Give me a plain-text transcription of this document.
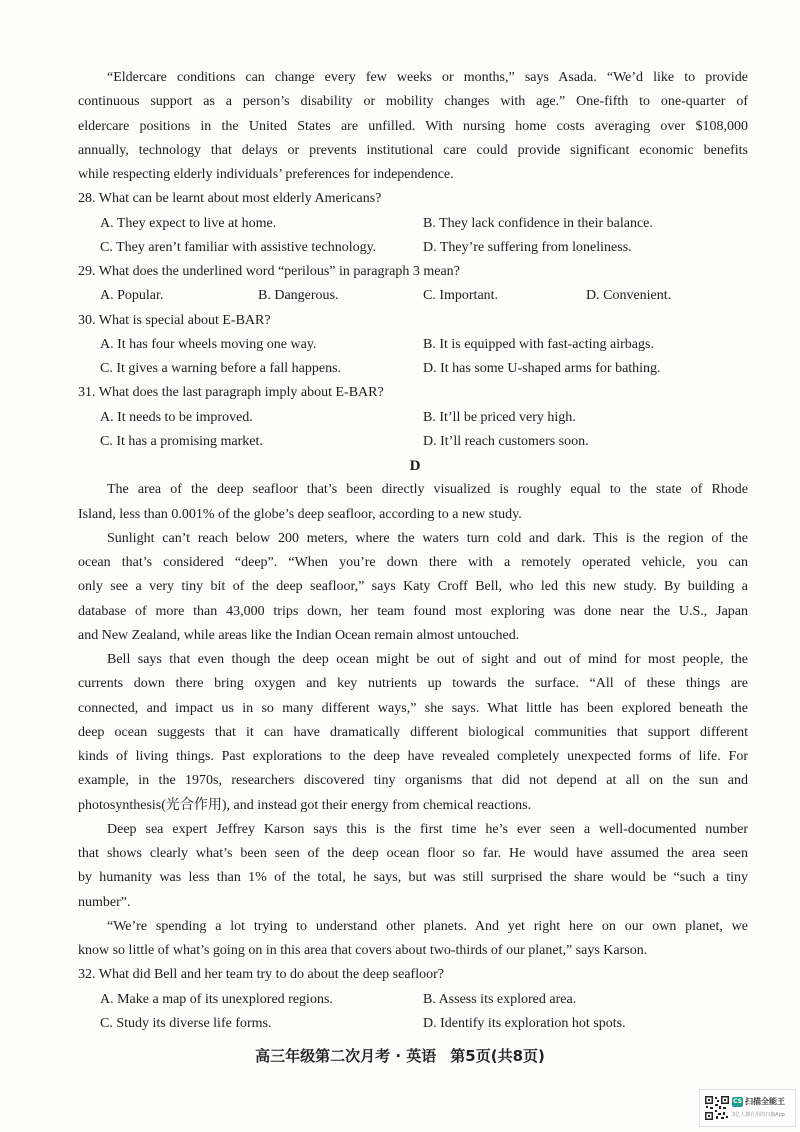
“Eldercare conditions can change every few weeks or months,” says Asada. “We’d like to provide
continuous support as a person’s disability or mobility changes with age.” One-fifth to one-quarter of
eldercare positions in the United States are unfilled. With nursing home costs averaging over $108,000
annually, technology that delays or prevents institutional care could provide significant economic benefits
while respecting elderly individuals’ preferences for independence.
28. What can be learnt about most elderly Americans?
A. They expect to live at home.	B. They lack confidence in their balance.
C. They aren’t familiar with assistive technology.	D. They’re suffering from loneliness.
29. What does the underlined word “perilous” in paragraph 3 mean?
A. Popular.	B. Dangerous.	C. Important.	D. Convenient.
30. What is special about E-BAR?
A. It has four wheels moving one way.	B. It is equipped with fast-acting airbags.
C. It gives a warning before a fall happens.	D. It has some U-shaped arms for bathing.
31. What does the last paragraph imply about E-BAR?
A. It needs to be improved.	B. It’ll be priced very high.
C. It has a promising market.	D. It’ll reach customers soon.
D
The area of the deep seafloor that’s been directly visualized is roughly equal to the state of Rhode
Island, less than 0.001% of the globe’s deep seafloor, according to a new study.
Sunlight can’t reach below 200 meters, where the waters turn cold and dark. This is the region of the
ocean that’s considered “deep”. “When you’re down there with a remotely operated vehicle, you can
only see a very tiny bit of the deep seafloor,” says Katy Croff Bell, who led this new study. By building a
database of more than 43,000 trips down, her team found most exploring was done near the U.S., Japan
and New Zealand, while areas like the Indian Ocean remain almost untouched.
Bell says that even though the deep ocean might be out of sight and out of mind for most people, the
currents down there bring oxygen and key nutrients up towards the surface. “All of these things are
connected, and impact us in so many different ways,” she says. What little has been explored beneath the
deep ocean suggests that it can have dramatically different biological communities that support different
kinds of living things. Past explorations to the deep have revealed completely unexpected forms of life. For
example, in the 1970s, researchers discovered tiny organisms that did not depend at all on the sun and
photosynthesis(光合作用), and instead got their energy from chemical reactions.
Deep sea expert Jeffrey Karson says this is the first time he’s ever seen a well-documented number
that shows clearly what’s been seen of the deep ocean floor so far. He would have assumed the area seen
by humanity was less than 1% of the total, he says, but was still surprised the share would be “such a tiny
number”.
“We’re spending a lot trying to understand other planets. And yet right here on our own planet, we
know so little of what’s going on in this area that covers about two-thirds of our planet,” says Karson.
32. What did Bell and her team try to do about the deep seafloor?
A. Make a map of its unexplored regions.	B. Assess its explored area.
C. Study its diverse life forms.	D. Identify its exploration hot spots.
高三年级第二次月考 · 英语 第5页(共8页)
CS 扫描全能王
3亿人都在用的扫描App
